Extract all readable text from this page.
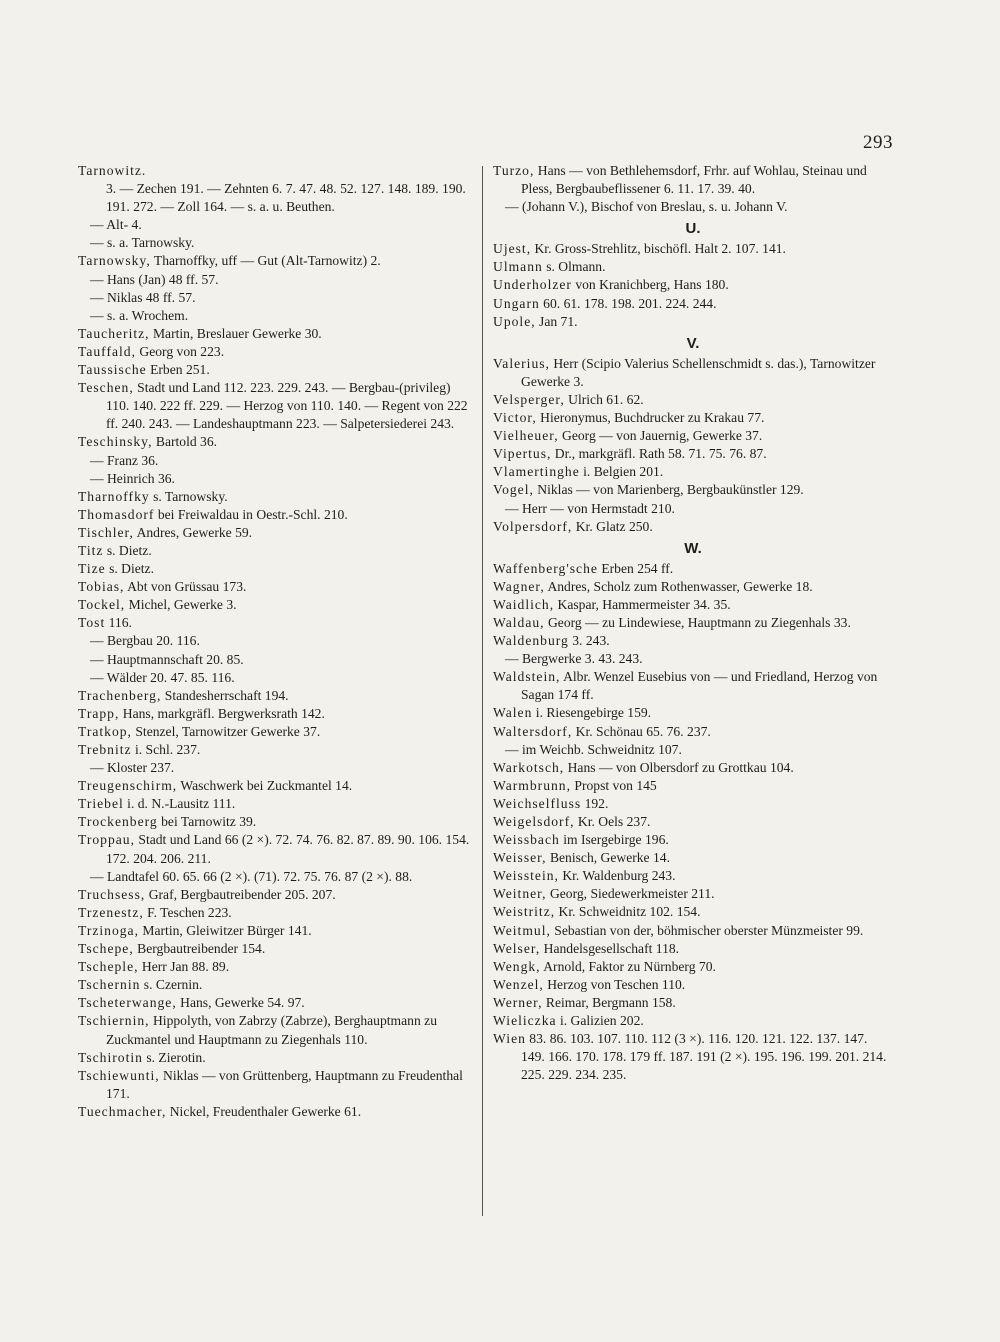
293

Tarnowitz.

3. — Zechen 191. — Zehnten 6. 7. 47. 48. 52. 127. 148. 189. 190. 191. 272. — Zoll 164. — s. a. u. Beuthen.

— Alt- 4.

— s. a. Tarnowsky.

Tarnowsky, Tharnoffky, uff — Gut (Alt-Tarnowitz) 2.

— Hans (Jan) 48 ff. 57.

— Niklas 48 ff. 57.

— s. a. Wrochem.

Taucheritz, Martin, Breslauer Gewerke 30.

Tauffald, Georg von 223.

Taussische Erben 251.

Teschen, Stadt und Land 112. 223. 229. 243. — Bergbau-(privileg) 110. 140. 222 ff. 229. — Herzog von 110. 140. — Regent von 222 ff. 240. 243. — Landeshauptmann 223. — Salpetersiederei 243.

Teschinsky, Bartold 36.

— Franz 36.

— Heinrich 36.

Tharnoffky s. Tarnowsky.

Thomasdorf bei Freiwaldau in Oestr.-Schl. 210.

Tischler, Andres, Gewerke 59.

Titz s. Dietz.

Tize s. Dietz.

Tobias, Abt von Grüssau 173.

Tockel, Michel, Gewerke 3.

Tost 116.

— Bergbau 20. 116.

— Hauptmannschaft 20. 85.

— Wälder 20. 47. 85. 116.

Trachenberg, Standesherrschaft 194.

Trapp, Hans, markgräfl. Bergwerksrath 142.

Tratkop, Stenzel, Tarnowitzer Gewerke 37.

Trebnitz i. Schl. 237.

— Kloster 237.

Treugenschirm, Waschwerk bei Zuckmantel 14.

Triebel i. d. N.-Lausitz 111.

Trockenberg bei Tarnowitz 39.

Troppau, Stadt und Land 66 (2 ×). 72. 74. 76. 82. 87. 89. 90. 106. 154. 172. 204. 206. 211.

— Landtafel 60. 65. 66 (2 ×). (71). 72. 75. 76. 87 (2 ×). 88.

Truchsess, Graf, Bergbautreibender 205. 207.

Trzenestz, F. Teschen 223.

Trzinoga, Martin, Gleiwitzer Bürger 141.

Tschepe, Bergbautreibender 154.

Tscheple, Herr Jan 88. 89.

Tschernin s. Czernin.

Tscheterwange, Hans, Gewerke 54. 97.

Tschiernin, Hippolyth, von Zabrzy (Zabrze), Berghauptmann zu Zuckmantel und Hauptmann zu Ziegenhals 110.

Tschirotin s. Zierotin.

Tschiewunti, Niklas — von Grüttenberg, Hauptmann zu Freudenthal 171.

Tuechmacher, Nickel, Freudenthaler Gewerke 61.

Turzo, Hans — von Bethlehemsdorf, Frhr. auf Wohlau, Steinau und Pless, Bergbaubeflissener 6. 11. 17. 39. 40.

— (Johann V.), Bischof von Breslau, s. u. Johann V.

U.

Ujest, Kr. Gross-Strehlitz, bischöfl. Halt 2. 107. 141.

Ulmann s. Olmann.

Underholzer von Kranichberg, Hans 180.

Ungarn 60. 61. 178. 198. 201. 224. 244.

Upole, Jan 71.

V.

Valerius, Herr (Scipio Valerius Schellenschmidt s. das.), Tarnowitzer Gewerke 3.

Velsperger, Ulrich 61. 62.

Victor, Hieronymus, Buchdrucker zu Krakau 77.

Vielheuer, Georg — von Jauernig, Gewerke 37.

Vipertus, Dr., markgräfl. Rath 58. 71. 75. 76. 87.

Vlamertinghe i. Belgien 201.

Vogel, Niklas — von Marienberg, Bergbaukünstler 129.

— Herr — von Hermstadt 210.

Volpersdorf, Kr. Glatz 250.

W.

Waffenberg'sche Erben 254 ff.

Wagner, Andres, Scholz zum Rothenwasser, Gewerke 18.

Waidlich, Kaspar, Hammermeister 34. 35.

Waldau, Georg — zu Lindewiese, Hauptmann zu Ziegenhals 33.

Waldenburg 3. 243.

— Bergwerke 3. 43. 243.

Waldstein, Albr. Wenzel Eusebius von — und Friedland, Herzog von Sagan 174 ff.

Walen i. Riesengebirge 159.

Waltersdorf, Kr. Schönau 65. 76. 237.

— im Weichb. Schweidnitz 107.

Warkotsch, Hans — von Olbersdorf zu Grottkau 104.

Warmbrunn, Propst von 145

Weichselfluss 192.

Weigelsdorf, Kr. Oels 237.

Weissbach im Isergebirge 196.

Weisser, Benisch, Gewerke 14.

Weisstein, Kr. Waldenburg 243.

Weitner, Georg, Siedewerkmeister 211.

Weistritz, Kr. Schweidnitz 102. 154.

Weitmul, Sebastian von der, böhmischer oberster Münzmeister 99.

Welser, Handelsgesellschaft 118.

Wengk, Arnold, Faktor zu Nürnberg 70.

Wenzel, Herzog von Teschen 110.

Werner, Reimar, Bergmann 158.

Wieliczka i. Galizien 202.

Wien 83. 86. 103. 107. 110. 112 (3 ×). 116. 120. 121. 122. 137. 147. 149. 166. 170. 178. 179 ff. 187. 191 (2 ×). 195. 196. 199. 201. 214. 225. 229. 234. 235.
